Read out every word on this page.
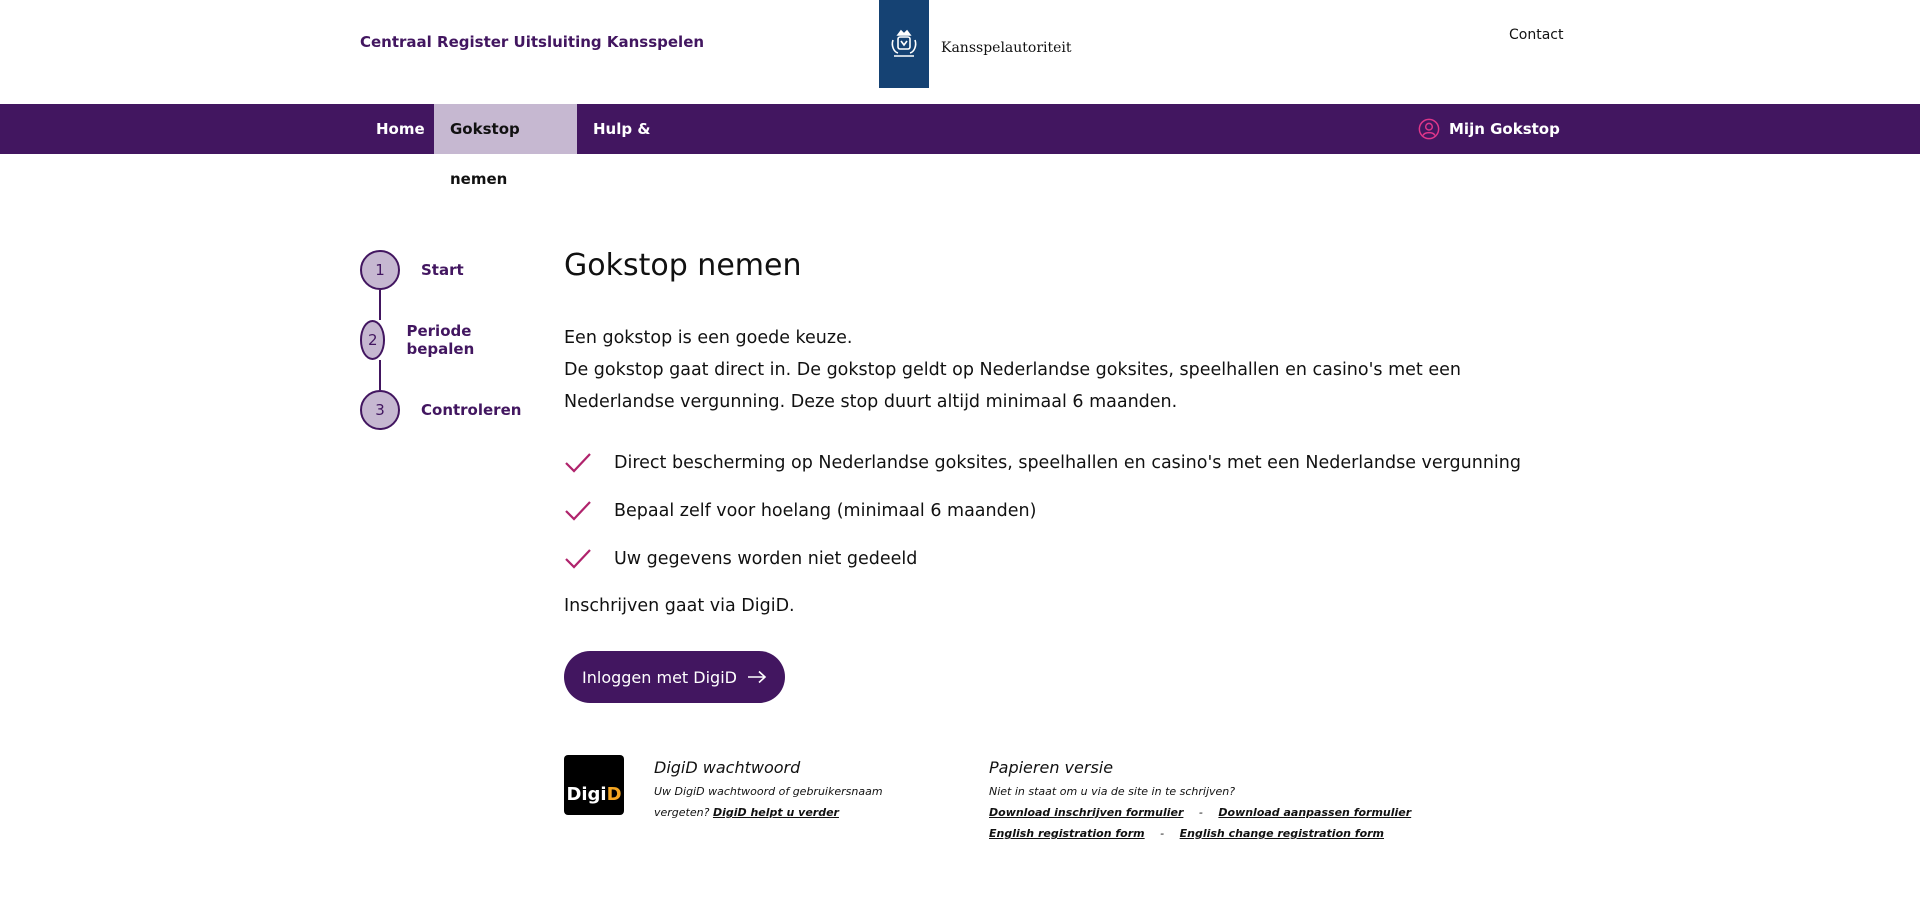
Centraal Register Uitsluiting Kansspelen	Kansspelautoriteit
Contact
Home	Gokstop nemen
Hulp & Info
Mijn Gokstop
1	Start
2	Periode bepalen
3	Controleren
Gokstop nemen

Een gokstop is een goede keuze.

De gokstop gaat direct in. De gokstop geldt op Nederlandse goksites, speelhallen en casino's met een Nederlandse vergunning. Deze stop duurt altijd minimaal 6 maanden.

Direct bescherming op Nederlandse goksites, speelhallen en casino's met een Nederlandse vergunning
Bepaal zelf voor hoelang (minimaal 6 maanden)
Uw gegevens worden niet gedeeld
Inschrijven gaat via DigiD.
Inloggen met DigiD
Digi D
DigiD wachtwoord
Uw DigiD wachtwoord of gebruikersnaam
vergeten? DigiD helpt u verder
Papieren versie
Niet in staat om u via de site in te schrijven?
Download inschrijven formulier - Download aanpassen formulier
English registration form - English change registration form
